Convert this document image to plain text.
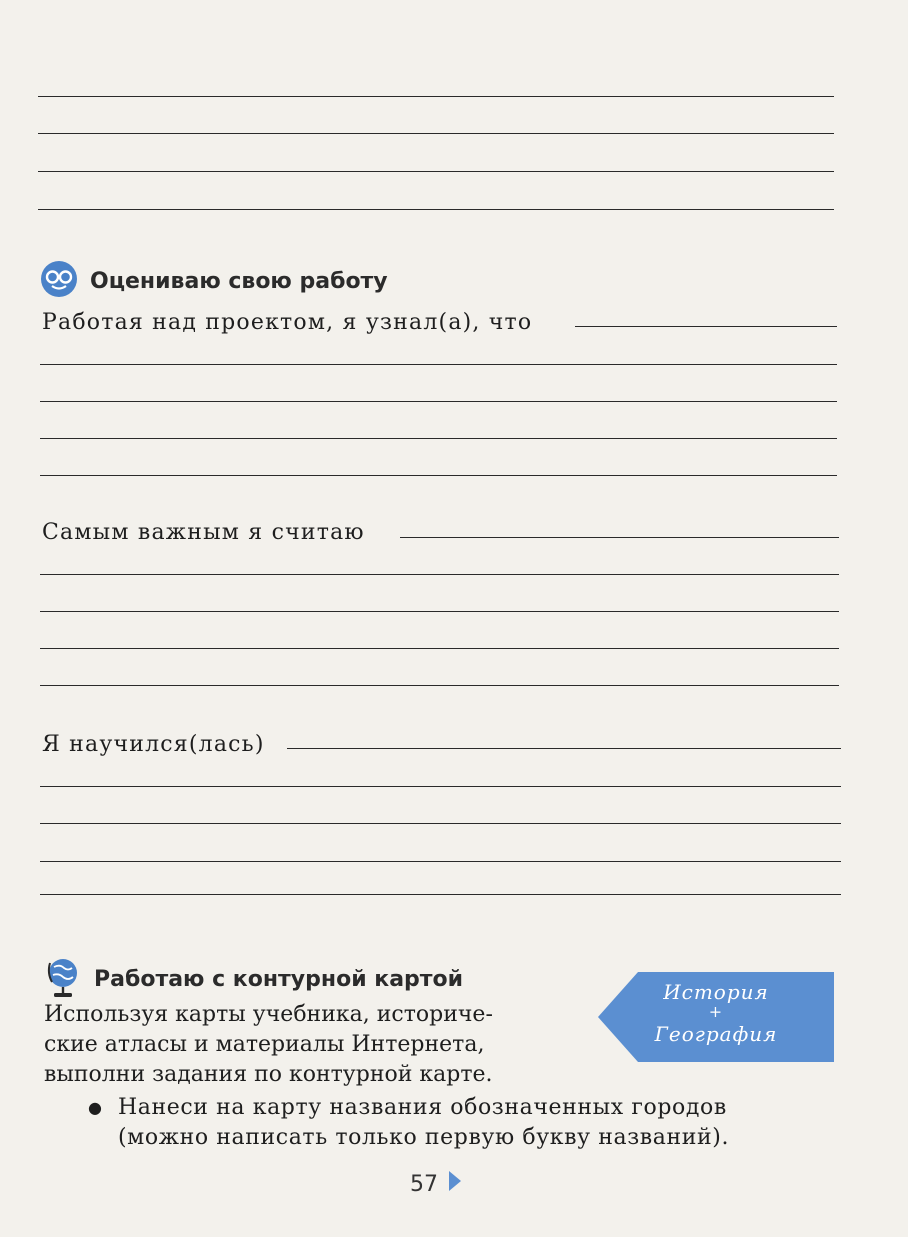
Оцениваю свою работу
Работая над проектом, я узнал(а), что
Самым важным я считаю
Я научился(лась)
Работаю с контурной картой
Используя карты учебника, историче-
ские атласы и материалы Интернета,
выполни задания по контурной карте.
История
+
География
● Нанеси на карту названия обозначенных городов
(можно написать только первую букву названий).
57
